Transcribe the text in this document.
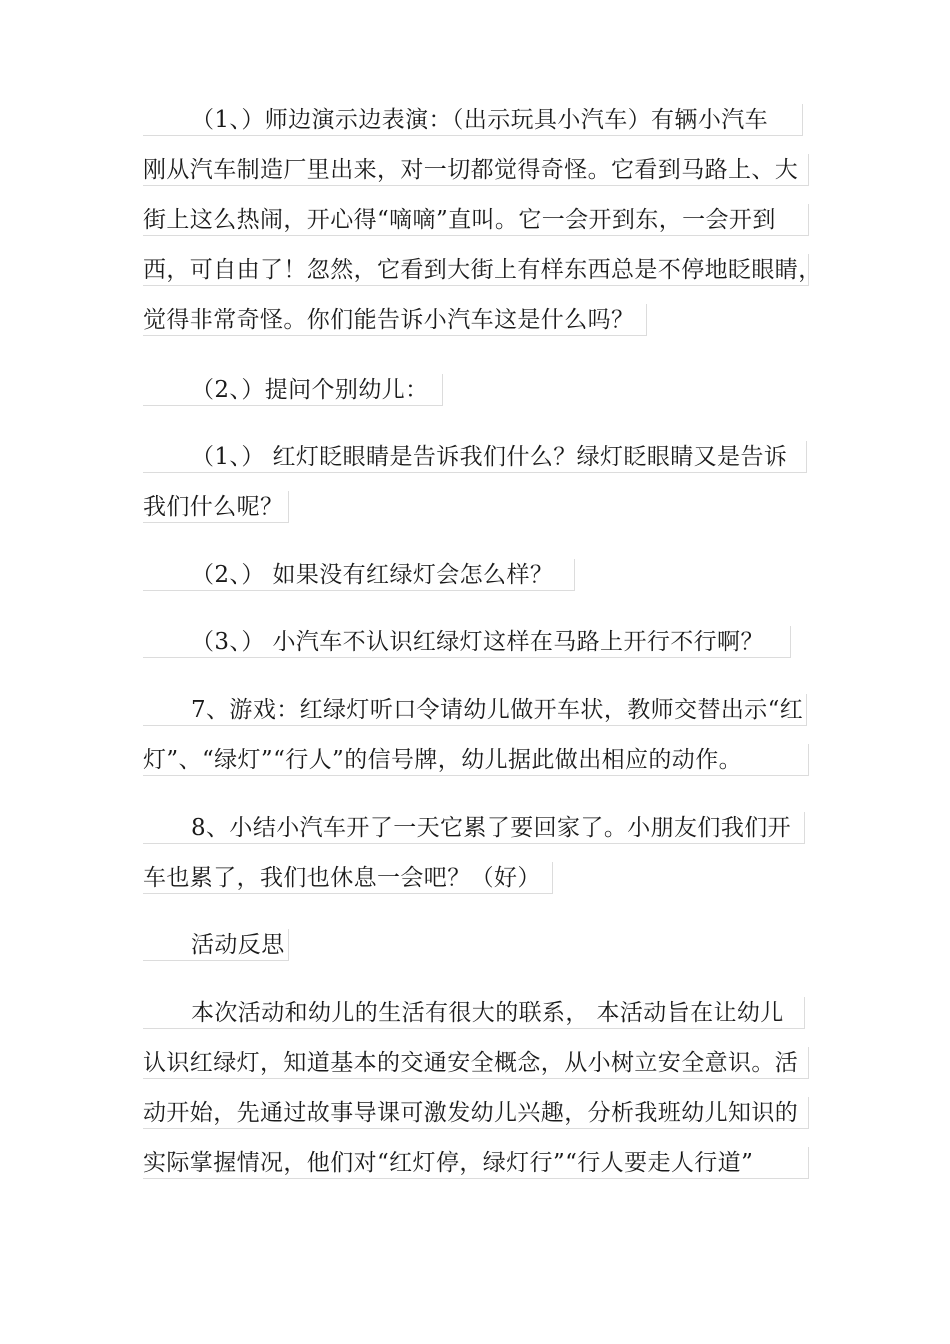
（1、）师边演示边表演：（出示玩具小汽车）有辆小汽车
刚从汽车制造厂里出来，对一切都觉得奇怪。它看到马路上、大
街上这么热闹，开心得“嘀嘀”直叫。它一会开到东，一会开到
西，可自由了！忽然，它看到大街上有样东西总是不停地眨眼睛，
觉得非常奇怪。你们能告诉小汽车这是什么吗？
（2、）提问个别幼儿：
（1、） 红灯眨眼睛是告诉我们什么？绿灯眨眼睛又是告诉
我们什么呢？
（2、） 如果没有红绿灯会怎么样？
（3、） 小汽车不认识红绿灯这样在马路上开行不行啊？
7、游戏：红绿灯听口令请幼儿做开车状，教师交替出示“红
灯”、“绿灯”“行人”的信号牌，幼儿据此做出相应的动作。
8、小结小汽车开了一天它累了要回家了。小朋友们我们开
车也累了，我们也休息一会吧？（好）
活动反思
本次活动和幼儿的生活有很大的联系， 本活动旨在让幼儿
认识红绿灯，知道基本的交通安全概念，从小树立安全意识。活
动开始，先通过故事导课可激发幼儿兴趣，分析我班幼儿知识的
实际掌握情况，他们对“红灯停，绿灯行”“行人要走人行道”
